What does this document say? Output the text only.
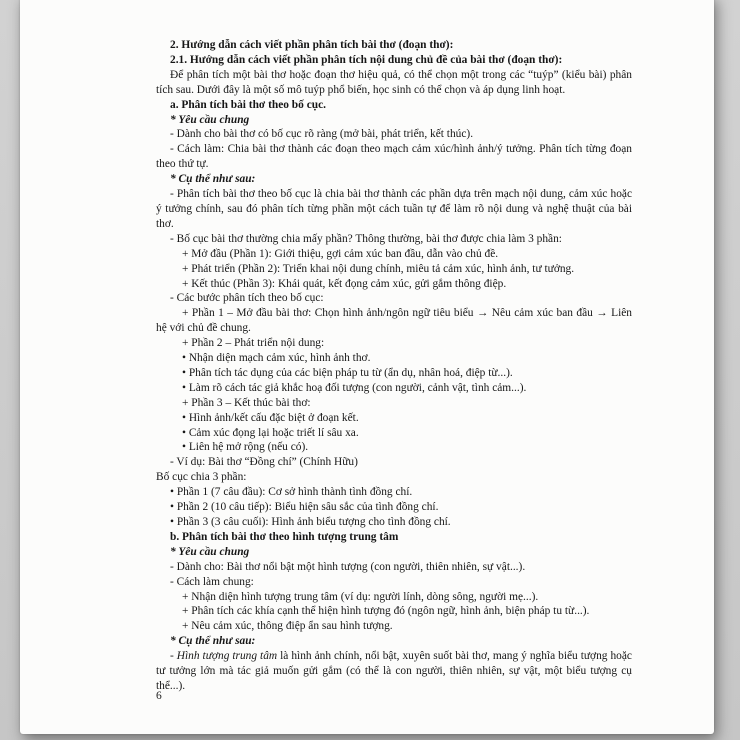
2. Hướng dẫn cách viết phần phân tích bài thơ (đoạn thơ):

2.1. Hướng dẫn cách viết phần phân tích nội dung chủ đề của bài thơ (đoạn thơ):

Để phân tích một bài thơ hoặc đoạn thơ hiệu quả, có thể chọn một trong các “tuýp” (kiểu bài) phân tích sau. Dưới đây là một số mô tuýp phổ biến, học sinh có thể chọn và áp dụng linh hoạt.

a. Phân tích bài thơ theo bố cục.

* Yêu cầu chung

- Dành cho bài thơ có bố cục rõ ràng (mở bài, phát triển, kết thúc).

- Cách làm: Chia bài thơ thành các đoạn theo mạch cảm xúc/hình ảnh/ý tưởng. Phân tích từng đoạn theo thứ tự.

* Cụ thể như sau:

- Phân tích bài thơ theo bố cục là chia bài thơ thành các phần dựa trên mạch nội dung, cảm xúc hoặc ý tưởng chính, sau đó phân tích từng phần một cách tuần tự để làm rõ nội dung và nghệ thuật của bài thơ.

- Bố cục bài thơ thường chia mấy phần? Thông thường, bài thơ được chia làm 3 phần:

+ Mở đầu (Phần 1): Giới thiệu, gợi cảm xúc ban đầu, dẫn vào chủ đề.

+ Phát triển (Phần 2): Triển khai nội dung chính, miêu tả cảm xúc, hình ảnh, tư tưởng.

+ Kết thúc (Phần 3): Khái quát, kết đọng cảm xúc, gửi gắm thông điệp.

- Các bước phân tích theo bố cục:

+ Phần 1 – Mở đầu bài thơ: Chọn hình ảnh/ngôn ngữ tiêu biểu → Nêu cảm xúc ban đầu → Liên hệ với chủ đề chung.

+ Phần 2 – Phát triển nội dung:

• Nhận diện mạch cảm xúc, hình ảnh thơ.

• Phân tích tác dụng của các biện pháp tu từ (ẩn dụ, nhân hoá, điệp từ...).

• Làm rõ cách tác giả khắc hoạ đối tượng (con người, cảnh vật, tình cảm...).

+ Phần 3 – Kết thúc bài thơ:

• Hình ảnh/kết cấu đặc biệt ở đoạn kết.

• Cảm xúc đọng lại hoặc triết lí sâu xa.

• Liên hệ mở rộng (nếu có).

- Ví dụ: Bài thơ “Đồng chí” (Chính Hữu)

Bố cục chia 3 phần:

• Phần 1 (7 câu đầu): Cơ sở hình thành tình đồng chí.

• Phần 2 (10 câu tiếp): Biểu hiện sâu sắc của tình đồng chí.

• Phần 3 (3 câu cuối): Hình ảnh biểu tượng cho tình đồng chí.

b. Phân tích bài thơ theo hình tượng trung tâm

* Yêu cầu chung

- Dành cho: Bài thơ nổi bật một hình tượng (con người, thiên nhiên, sự vật...).

- Cách làm chung:

+ Nhận diện hình tượng trung tâm (ví dụ: người lính, dòng sông, người mẹ...).

+ Phân tích các khía cạnh thể hiện hình tượng đó (ngôn ngữ, hình ảnh, biện pháp tu từ...).

+ Nêu cảm xúc, thông điệp ẩn sau hình tượng.

* Cụ thể như sau:

- Hình tượng trung tâm là hình ảnh chính, nổi bật, xuyên suốt bài thơ, mang ý nghĩa biểu tượng hoặc tư tưởng lớn mà tác giả muốn gửi gắm (có thể là con người, thiên nhiên, sự vật, một biểu tượng cụ thể...).

6
